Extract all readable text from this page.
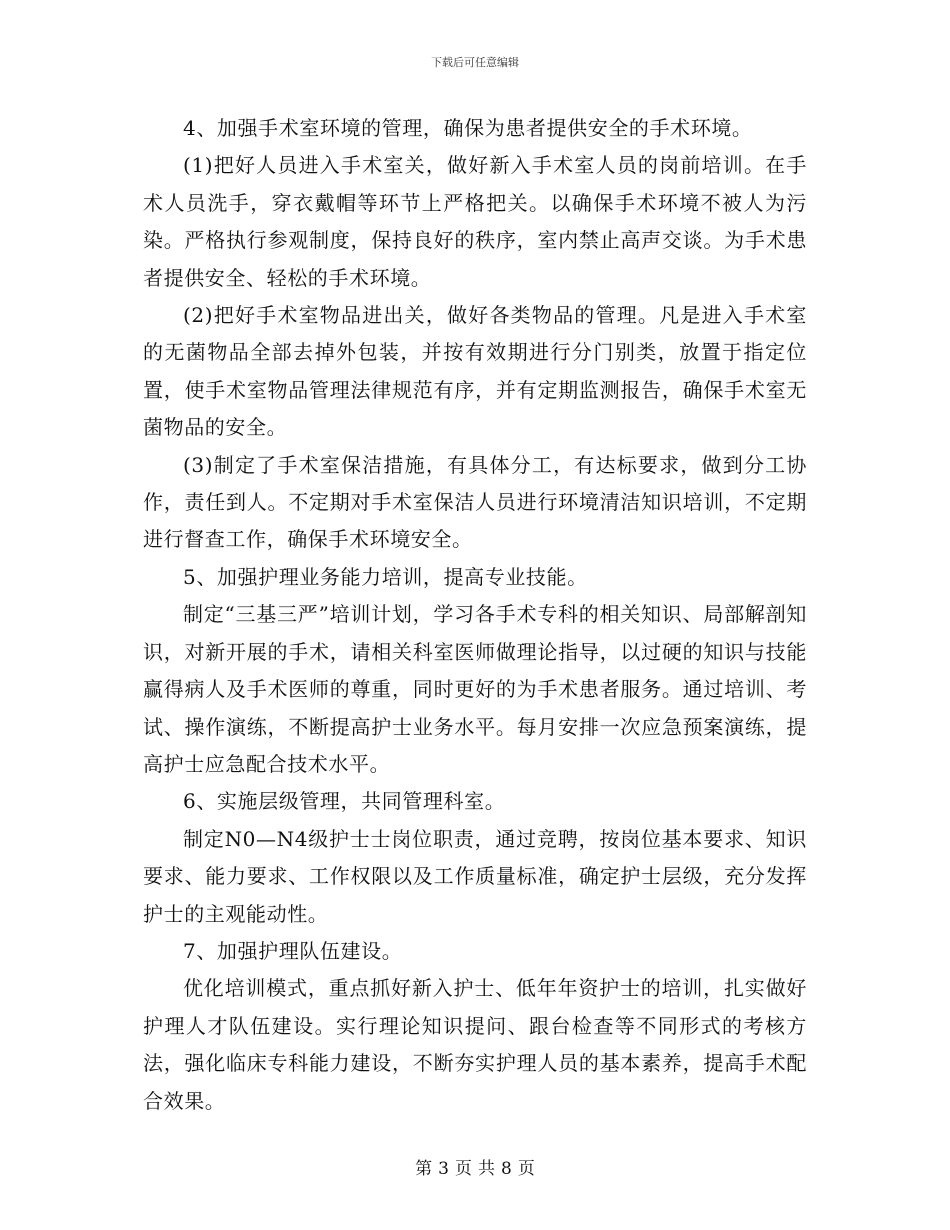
下载后可任意编辑

4、加强手术室环境的管理，确保为患者提供安全的手术环境。

(1)把好人员进入手术室关，做好新入手术室人员的岗前培训。在手术人员洗手，穿衣戴帽等环节上严格把关。以确保手术环境不被人为污染。严格执行参观制度，保持良好的秩序，室内禁止高声交谈。为手术患者提供安全、轻松的手术环境。

(2)把好手术室物品进出关，做好各类物品的管理。凡是进入手术室的无菌物品全部去掉外包装，并按有效期进行分门别类，放置于指定位置，使手术室物品管理法律规范有序，并有定期监测报告，确保手术室无菌物品的安全。

(3)制定了手术室保洁措施，有具体分工，有达标要求，做到分工协作，责任到人。不定期对手术室保洁人员进行环境清洁知识培训，不定期进行督查工作，确保手术环境安全。

5、加强护理业务能力培训，提高专业技能。

制定“三基三严”培训计划，学习各手术专科的相关知识、局部解剖知识，对新开展的手术，请相关科室医师做理论指导，以过硬的知识与技能赢得病人及手术医师的尊重，同时更好的为手术患者服务。通过培训、考试、操作演练，不断提高护士业务水平。每月安排一次应急预案演练，提高护士应急配合技术水平。

6、实施层级管理，共同管理科室。

制定N0—N4级护士士岗位职责，通过竞聘，按岗位基本要求、知识要求、能力要求、工作权限以及工作质量标准，确定护士层级，充分发挥护士的主观能动性。

7、加强护理队伍建设。

优化培训模式，重点抓好新入护士、低年年资护士的培训，扎实做好护理人才队伍建设。实行理论知识提问、跟台检查等不同形式的考核方法，强化临床专科能力建设，不断夯实护理人员的基本素养，提高手术配合效果。

第 3 页 共 8 页
